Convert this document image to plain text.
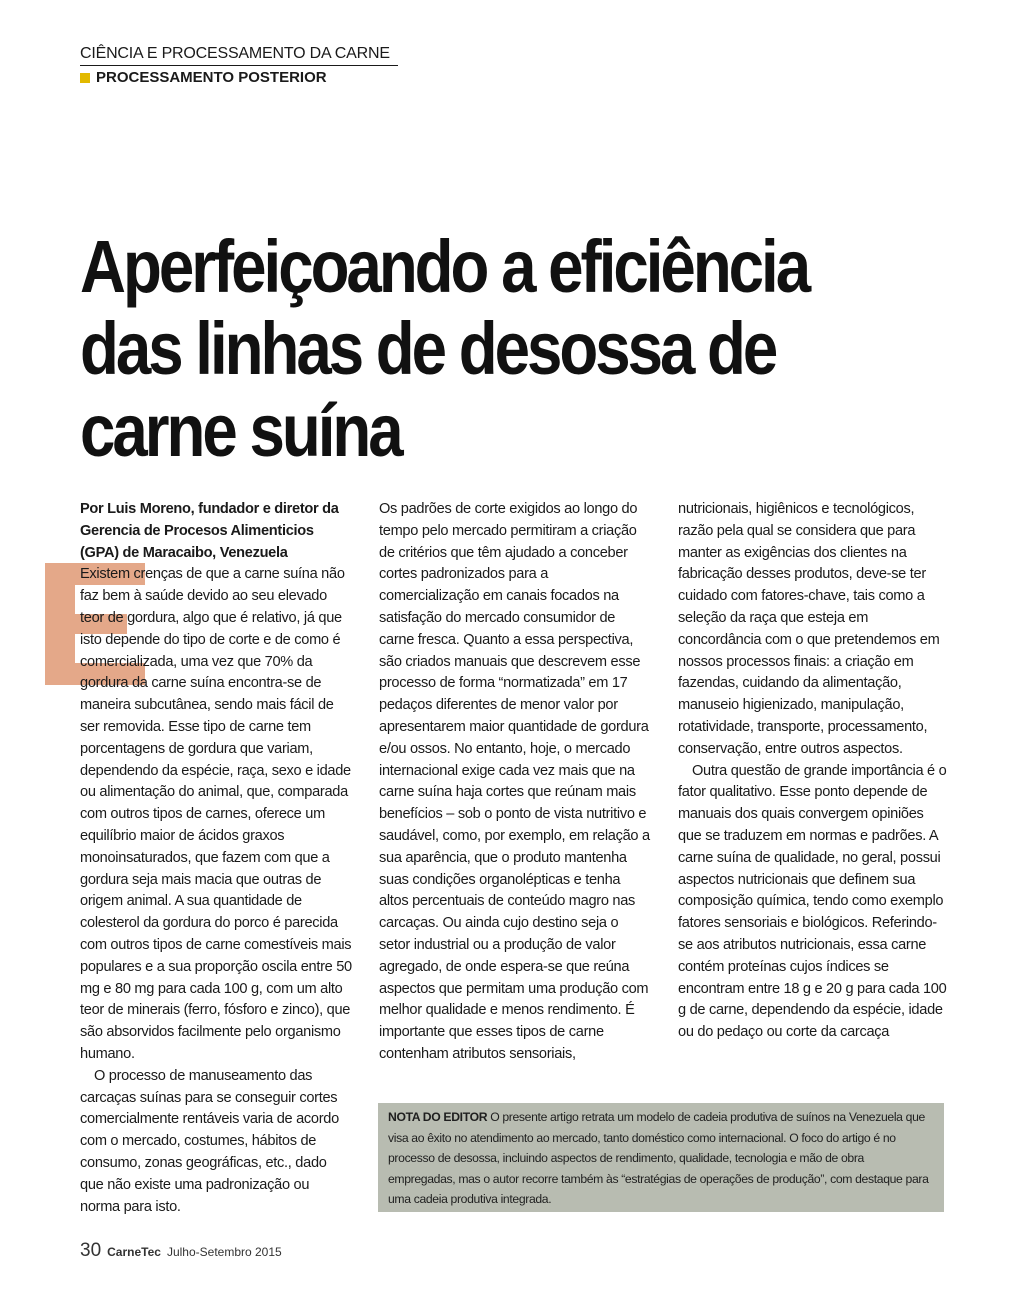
CIÊNCIA E PROCESSAMENTO DA CARNE
PROCESSAMENTO POSTERIOR
Aperfeiçoando a eficiência
das linhas de desossa de
carne suína

Por Luis Moreno, fundador e diretor da Gerencia de Procesos Alimenticios (GPA) de Maracaibo, Venezuela

Existem crenças de que a carne suína não faz bem à saúde devido ao seu elevado teor de gordura, algo que é relativo, já que isto depende do tipo de corte e de como é comercializada, uma vez que 70% da gordura da carne suína encontra-se de maneira subcutânea, sendo mais fácil de ser removida. Esse tipo de carne tem porcentagens de gordura que variam, dependendo da espécie, raça, sexo e idade ou alimentação do animal, que, comparada com outros tipos de carnes, oferece um equilíbrio maior de ácidos graxos monoinsaturados, que fazem com que a gordura seja mais macia que outras de origem animal. A sua quantidade de colesterol da gordura do porco é parecida com outros tipos de carne comestíveis mais populares e a sua proporção oscila entre 50 mg e 80 mg para cada 100 g, com um alto teor de minerais (ferro, fósforo e zinco), que são absorvidos facilmente pelo organismo humano.

O processo de manuseamento das carcaças suínas para se conseguir cortes comercialmente rentáveis varia de acordo com o mercado, costumes, hábitos de consumo, zonas geográficas, etc., dado que não existe uma padronização ou norma para isto.

Os padrões de corte exigidos ao longo do tempo pelo mercado permitiram a criação de critérios que têm ajudado a conceber cortes padronizados para a comercialização em canais focados na satisfação do mercado consumidor de carne fresca. Quanto a essa perspectiva, são criados manuais que descrevem esse processo de forma “normatizada” em 17 pedaços diferentes de menor valor por apresentarem maior quantidade de gordura e/ou ossos. No entanto, hoje, o mercado internacional exige cada vez mais que na carne suína haja cortes que reúnam mais benefícios – sob o ponto de vista nutritivo e saudável, como, por exemplo, em relação a sua aparência, que o produto mantenha suas condições organolépticas e tenha altos percentuais de conteúdo magro nas carcaças. Ou ainda cujo destino seja o setor industrial ou a produção de valor agregado, de onde espera-se que reúna aspectos que permitam uma produção com melhor qualidade e menos rendimento. É importante que esses tipos de carne contenham atributos sensoriais,

nutricionais, higiênicos e tecnológicos, razão pela qual se considera que para manter as exigências dos clientes na fabricação desses produtos, deve-se ter cuidado com fatores-chave, tais como a seleção da raça que esteja em concordância com o que pretendemos em nossos processos finais: a criação em fazendas, cuidando da alimentação, manuseio higienizado, manipulação, rotatividade, transporte, processamento, conservação, entre outros aspectos.

Outra questão de grande importância é o fator qualitativo. Esse ponto depende de manuais dos quais convergem opiniões que se traduzem em normas e padrões. A carne suína de qualidade, no geral, possui aspectos nutricionais que definem sua composição química, tendo como exemplo fatores sensoriais e biológicos. Referindo-se aos atributos nutricionais, essa carne contém proteínas cujos índices se encontram entre 18 g e 20 g para cada 100 g de carne, dependendo da espécie, idade ou do pedaço ou corte da carcaça

NOTA DO EDITOR O presente artigo retrata um modelo de cadeia produtiva de suínos na Venezuela que visa ao êxito no atendimento ao mercado, tanto doméstico como internacional. O foco do artigo é no processo de desossa, incluindo aspectos de rendimento, qualidade, tecnologia e mão de obra empregadas, mas o autor recorre também às “estratégias de operações de produção”, com destaque para uma cadeia produtiva integrada.
30 CarneTec Julho-Setembro 2015
